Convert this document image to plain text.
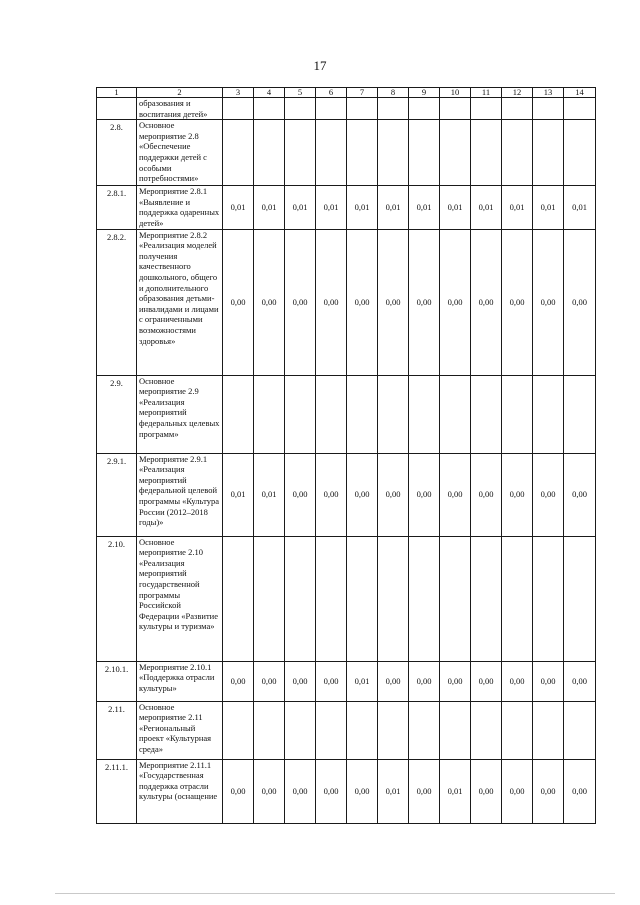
17
1	2	3	4	5	6	7	8	9	10	11	12	13	14
	образования и воспитания детей»												
2.8.	Основное мероприятие 2.8 «Обеспечение поддержки детей с особыми потребностями»												
2.8.1.	Мероприятие 2.8.1 «Выявление и поддержка одаренных детей»	0,01	0,01	0,01	0,01	0,01	0,01	0,01	0,01	0,01	0,01	0,01	0,01
2.8.2.	Мероприятие 2.8.2 «Реализация моделей получения качественного дошкольного, общего и дополнительного образования детьми-инвалидами и лицами с ограниченными возможностями здоровья»	0,00	0,00	0,00	0,00	0,00	0,00	0,00	0,00	0,00	0,00	0,00	0,00
2.9.	Основное мероприятие 2.9 «Реализация мероприятий федеральных целевых программ»												
2.9.1.	Мероприятие 2.9.1 «Реализация мероприятий федеральной целевой программы «Культура России (2012–2018 годы)»	0,01	0,01	0,00	0,00	0,00	0,00	0,00	0,00	0,00	0,00	0,00	0,00
2.10.	Основное мероприятие 2.10 «Реализация мероприятий государственной программы Российской Федерации «Развитие культуры и туризма»												
2.10.1.	Мероприятие 2.10.1 «Поддержка отрасли культуры»	0,00	0,00	0,00	0,00	0,01	0,00	0,00	0,00	0,00	0,00	0,00	0,00
2.11.	Основное мероприятие 2.11 «Региональный проект «Культурная среда»												
2.11.1.	Мероприятие 2.11.1 «Государственная поддержка отрасли культуры (оснащение	0,00	0,00	0,00	0,00	0,00	0,01	0,00	0,01	0,00	0,00	0,00	0,00
